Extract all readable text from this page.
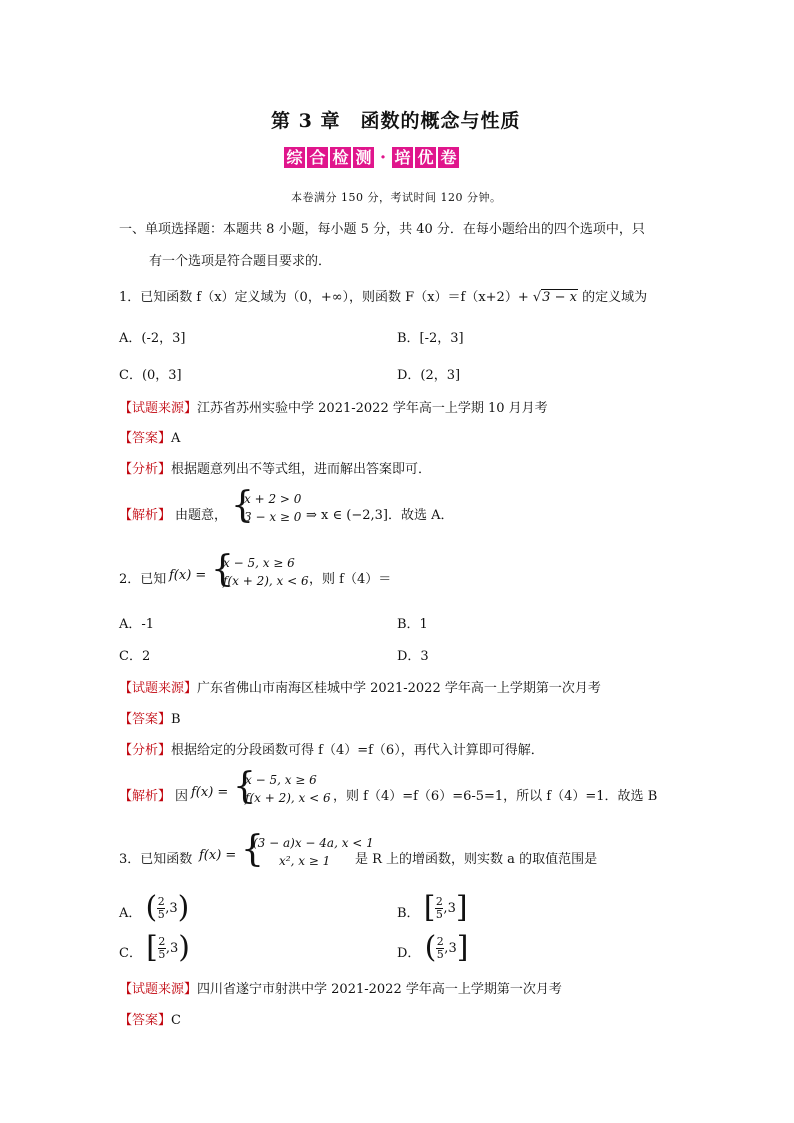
第 3 章　函数的概念与性质
综 合 检 测 · 培 优 卷
本卷满分 150 分，考试时间 120 分钟。
一、单项选择题：本题共 8 小题，每小题 5 分，共 40 分．在每小题给出的四个选项中，只
有一个选项是符合题目要求的．
1．已知函数 f（x）定义域为（0，+∞），则函数 F（x）＝f（x+2）+ √ 3 − x 的定义域为
A．(-2，3]	B．[-2，3]
C．(0，3]	D．(2，3]
【试题来源】江苏省苏州实验中学 2021-2022 学年高一上学期 10 月月考
【答案】A
【分析】根据题意列出不等式组，进而解出答案即可．
【解析】 由题意， {
x + 2 > 0
3 − x ≥ 0 ⇒ x ∈ (−2,3]．故选 A．
2．已知 f(x) = {
x − 5, x ≥ 6
f(x + 2), x < 6 ，则 f（4）＝
A．-1	B．1
C．2	D．3
【试题来源】广东省佛山市南海区桂城中学 2021-2022 学年高一上学期第一次月考
【答案】B
【分析】根据给定的分段函数可得 f（4）=f（6），再代入计算即可得解．
【解析】 因 f(x) = {
x − 5, x ≥ 6
f(x + 2), x < 6 ，则 f（4）=f（6）=6-5=1，所以 f（4）=1．故选 B
3．已知函数 f(x) = {
(3 − a)x − 4a, x < 1
x², x ≥ 1 是 R 上的增函数，则实数 a 的取值范围是
A． ( $\frac{2}{5}$ , 3 )	B． [ $\frac{2}{5}$ , 3 ]
C． [ $\frac{2}{5}$ , 3 )	D． ( $\frac{2}{5}$ , 3 ]
【试题来源】四川省遂宁市射洪中学 2021-2022 学年高一上学期第一次月考
【答案】C
